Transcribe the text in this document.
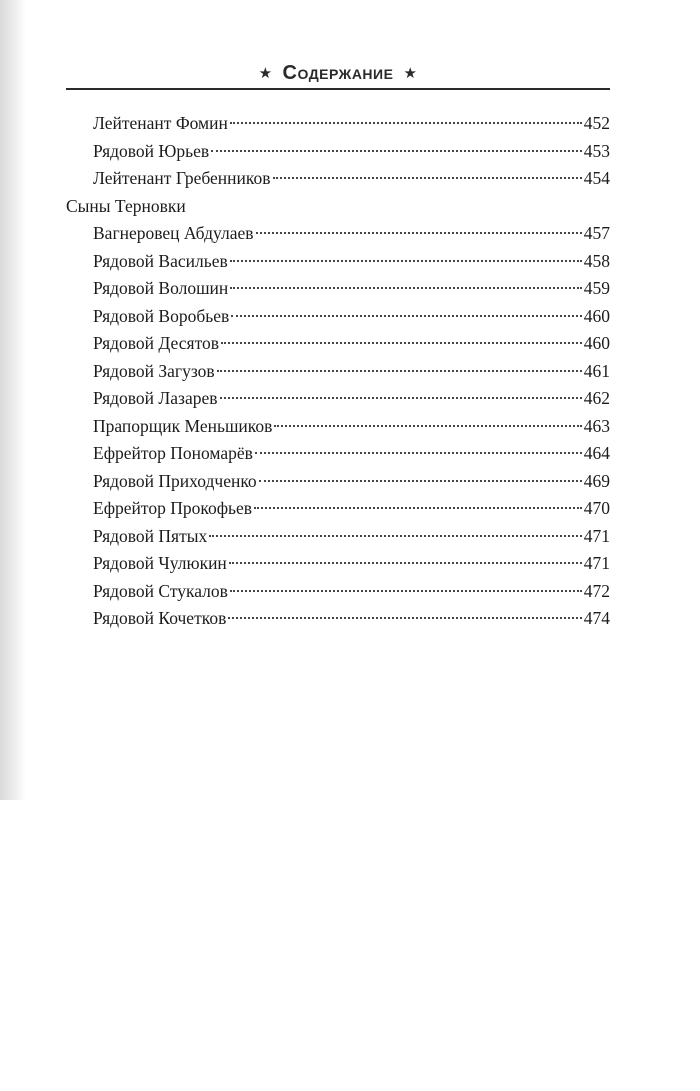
★ Содержание ★
Лейтенант Фомин	452
Рядовой Юрьев	453
Лейтенант Гребенников	454
Сыны Терновки
Вагнеровец Абдулаев	457
Рядовой Васильев	458
Рядовой Волошин	459
Рядовой Воробьев	460
Рядовой Десятов	460
Рядовой Загузов	461
Рядовой Лазарев	462
Прапорщик Меньшиков	463
Ефрейтор Пономарёв	464
Рядовой Приходченко	469
Ефрейтор Прокофьев	470
Рядовой Пятых	471
Рядовой Чулюкин	471
Рядовой Стукалов	472
Рядовой Кочетков	474
